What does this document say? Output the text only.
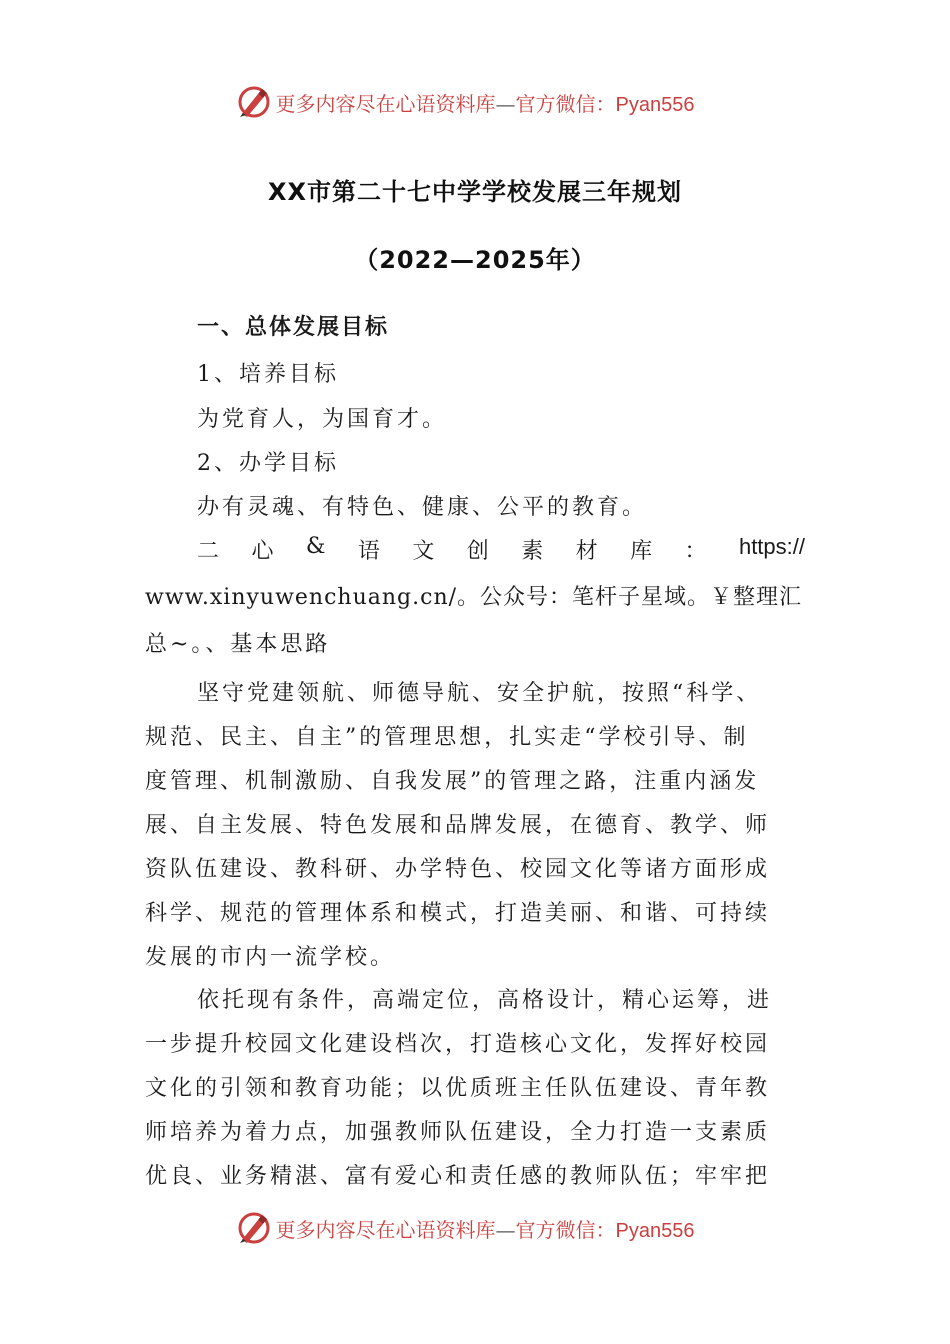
更多内容尽在心语资料库—官方微信：Pyan556
XX市第二十七中学学校发展三年规划
（2022—2025年）
一、总体发展目标
1、培养目标
为党育人，为国育才。
2、办学目标
办有灵魂、有特色、健康、公平的教育。
二 心 & 语 文 创 素 材 库 ： https://
www.xinyuwenchuang.cn/。公众号：笔杆子星域。￥整理汇
总~。、基本思路
坚守党建领航、师德导航、安全护航，按照“科学、
规范、民主、自主”的管理思想，扎实走“学校引导、制
度管理、机制激励、自我发展”的管理之路，注重内涵发
展、自主发展、特色发展和品牌发展，在德育、教学、师
资队伍建设、教科研、办学特色、校园文化等诸方面形成
科学、规范的管理体系和模式，打造美丽、和谐、可持续
发展的市内一流学校。
依托现有条件，高端定位，高格设计，精心运筹，进
一步提升校园文化建设档次，打造核心文化，发挥好校园
文化的引领和教育功能；以优质班主任队伍建设、青年教
师培养为着力点，加强教师队伍建设，全力打造一支素质
优良、业务精湛、富有爱心和责任感的教师队伍；牢牢把
更多内容尽在心语资料库—官方微信：Pyan556
